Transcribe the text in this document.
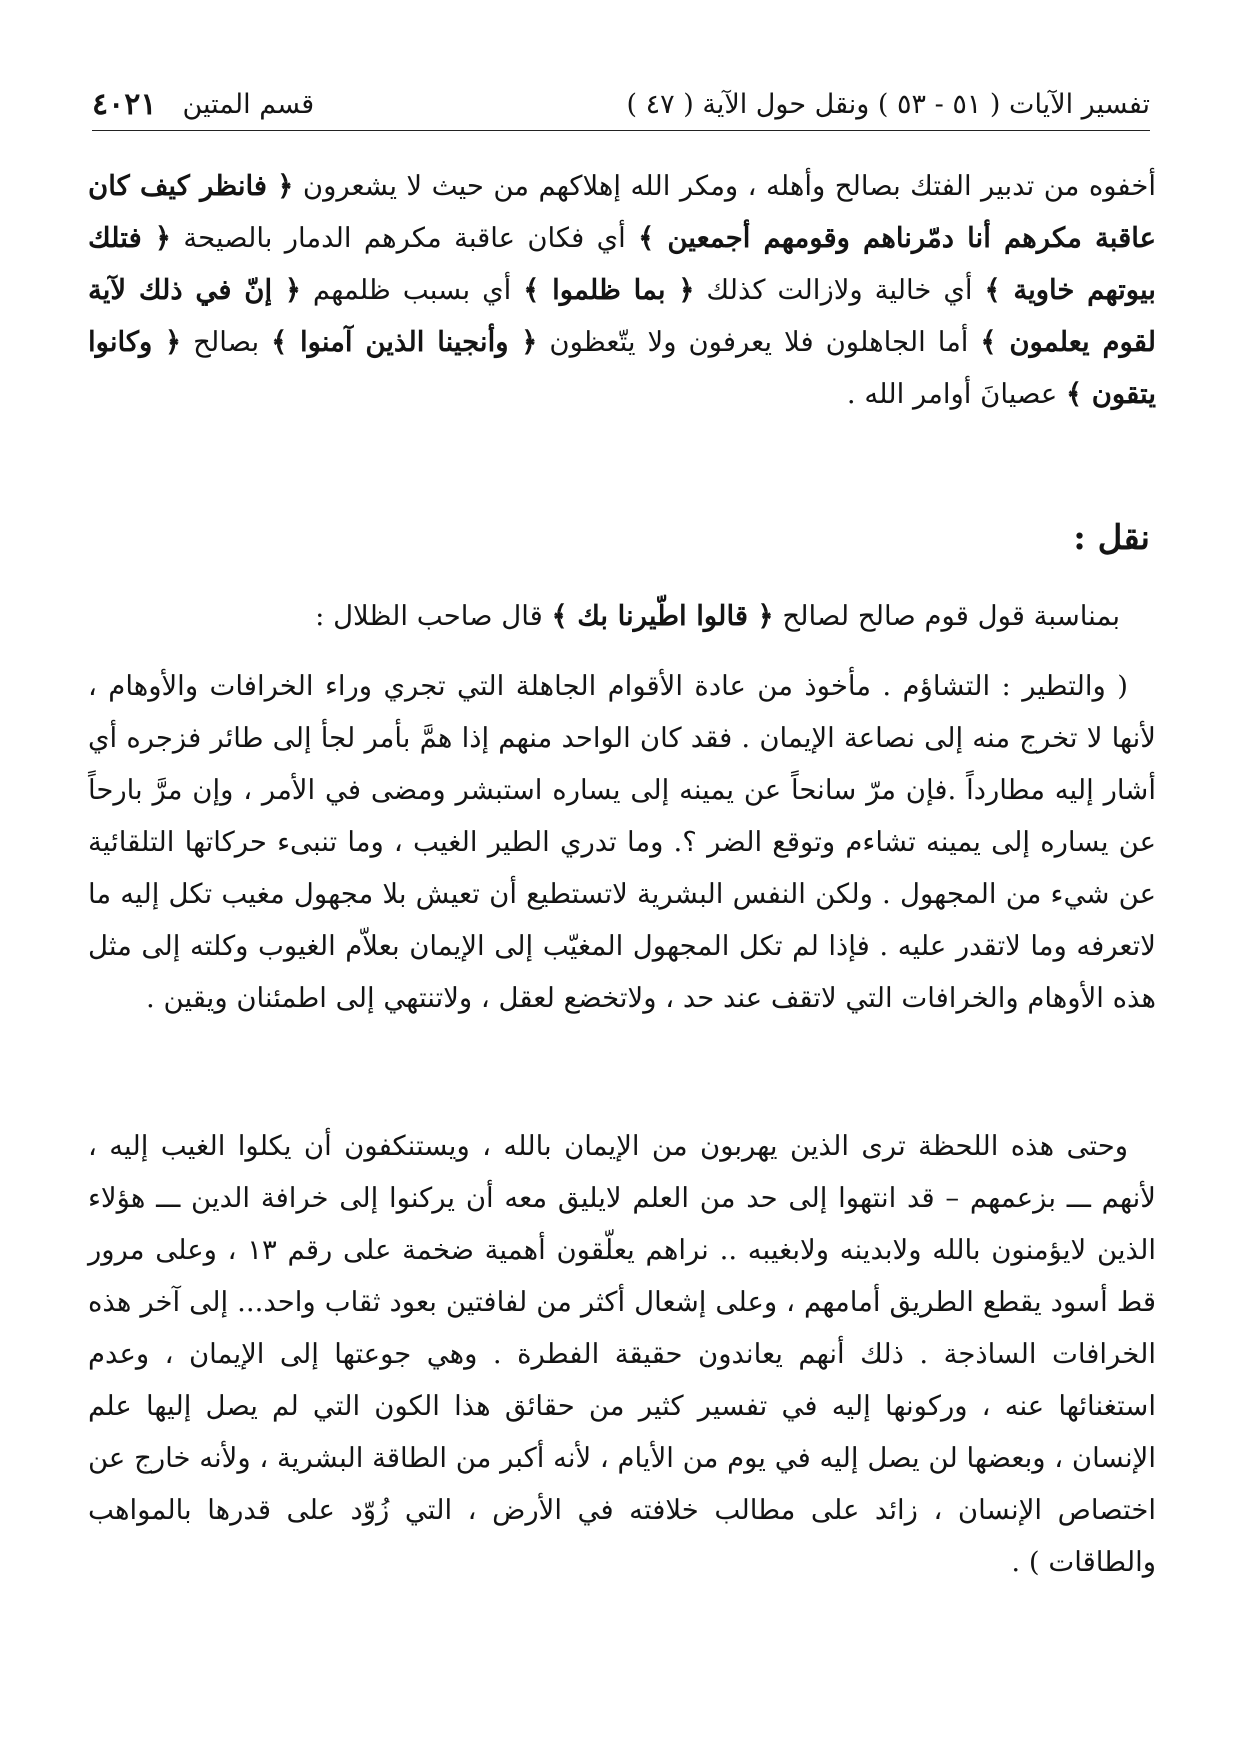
تفسير الآيات ( ٥١ - ٥٣ ) ونقل حول الآية ( ٤٧ )
قسم المتين
٤٠٢١

أخفوه من تدبير الفتك بصالح وأهله ، ومكر الله إهلاكهم من حيث لا يشعرون ﴿ فانظر كيف كان عاقبة مكرهم أنا دمّرناهم وقومهم أجمعين ﴾ أي فكان عاقبة مكرهم الدمار بالصيحة ﴿ فتلك بيوتهم خاوية ﴾ أي خالية ولازالت كذلك ﴿ بما ظلموا ﴾ أي بسبب ظلمهم ﴿ إنّ في ذلك لآية لقوم يعلمون ﴾ أما الجاهلون فلا يعرفون ولا يتّعظون ﴿ وأنجينا الذين آمنوا ﴾ بصالح ﴿ وكانوا يتقون ﴾ عصيانَ أوامر الله .

نقل :

بمناسبة قول قوم صالح لصالح ﴿ قالوا اطّيرنا بك ﴾ قال صاحب الظلال :

( والتطير : التشاؤم . مأخوذ من عادة الأقوام الجاهلة التي تجري وراء الخرافات والأوهام ، لأنها لا تخرج منه إلى نصاعة الإيمان . فقد كان الواحد منهم إذا همَّ بأمر لجأ إلى طائر فزجره أي أشار إليه مطارداً .فإن مرّ سانحاً عن يمينه إلى يساره استبشر ومضى في الأمر ، وإن مرَّ بارحاً عن يساره إلى يمينه تشاءم وتوقع الضر ؟. وما تدري الطير الغيب ، وما تنبىء حركاتها التلقائية عن شيء من المجهول . ولكن النفس البشرية لاتستطيع أن تعيش بلا مجهول مغيب تكل إليه ما لاتعرفه وما لاتقدر عليه . فإذا لم تكل المجهول المغيّب إلى الإيمان بعلاّم الغيوب وكلته إلى مثل هذه الأوهام والخرافات التي لاتقف عند حد ، ولاتخضع لعقل ، ولاتنتهي إلى اطمئنان ويقين .

وحتى هذه اللحظة ترى الذين يهربون من الإيمان بالله ، ويستنكفون أن يكلوا الغيب إليه ، لأنهم ـــ بزعمهم – قد انتهوا إلى حد من العلم لايليق معه أن يركنوا إلى خرافة الدين ـــ هؤلاء الذين لايؤمنون بالله ولابدينه ولابغيبه .. نراهم يعلّقون أهمية ضخمة على رقم ١٣ ، وعلى مرور قط أسود يقطع الطريق أمامهم ، وعلى إشعال أكثر من لفافتين بعود ثقاب واحد... إلى آخر هذه الخرافات الساذجة . ذلك أنهم يعاندون حقيقة الفطرة . وهي جوعتها إلى الإيمان ، وعدم استغنائها عنه ، وركونها إليه في تفسير كثير من حقائق هذا الكون التي لم يصل إليها علم الإنسان ، وبعضها لن يصل إليه في يوم من الأيام ، لأنه أكبر من الطاقة البشرية ، ولأنه خارج عن اختصاص الإنسان ، زائد على مطالب خلافته في الأرض ، التي زُوّد على قدرها بالمواهب والطاقات ) .
